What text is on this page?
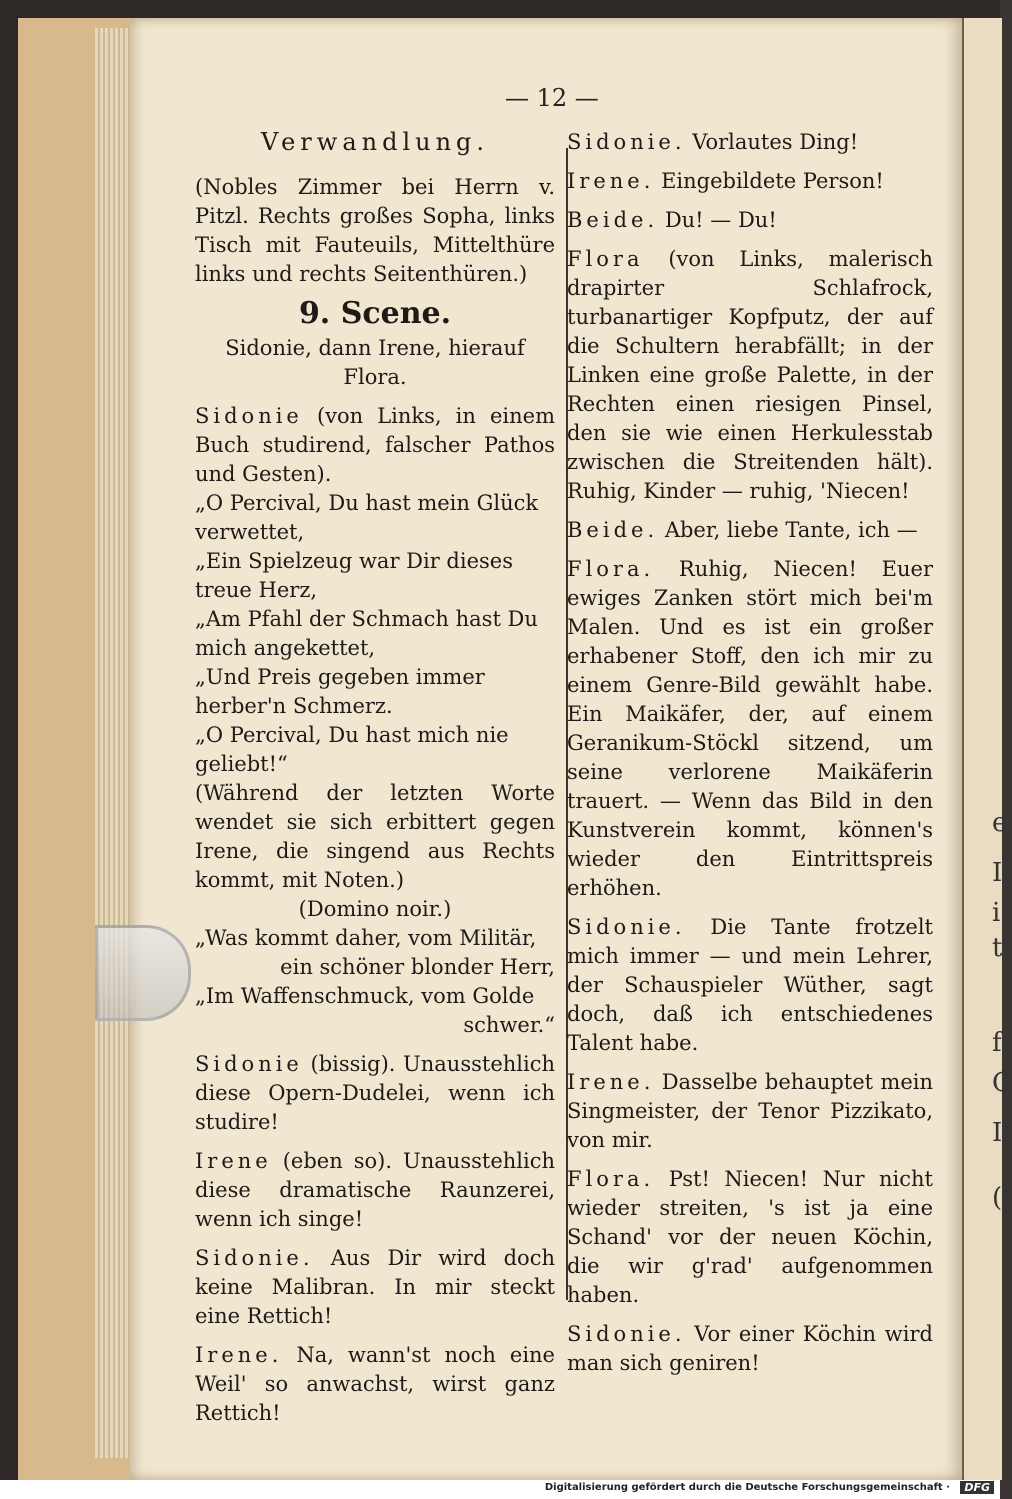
e
I
i
t
f
C
I
(
— 12 —

Verwandlung.

(Nobles Zimmer bei Herrn v. Pitzl. Rechts großes Sopha, links Tisch mit Fauteuils, Mittelthüre links und rechts Seitenthüren.)

9. Scene.

Sidonie, dann Irene, hierauf Flora.

Sidonie (von Links, in einem Buch studirend, falscher Pathos und Gesten).

„O Percival, Du hast mein Glück verwettet,

„Ein Spielzeug war Dir dieses treue Herz,

„Am Pfahl der Schmach hast Du mich angekettet,

„Und Preis gegeben immer herber'n Schmerz.

„O Percival, Du hast mich nie geliebt!“

(Während der letzten Worte wendet sie sich erbittert gegen Irene, die singend aus Rechts kommt, mit Noten.)

(Domino noir.)

„Was kommt daher, vom Militär,

ein schöner blonder Herr,

„Im Waffenschmuck, vom Golde

schwer.“

Sidonie (bissig). Unausstehlich diese Opern-Dudelei, wenn ich studire!

Irene (eben so). Unausstehlich diese dramatische Raunzerei, wenn ich singe!

Sidonie. Aus Dir wird doch keine Malibran. In mir steckt eine Rettich!

Irene. Na, wann'st noch eine Weil' so anwachst, wirst ganz Rettich!

Sidonie. Vorlautes Ding!

Irene. Eingebildete Person!

Beide. Du! — Du!

Flora (von Links, malerisch drapirter Schlafrock, turbanartiger Kopfputz, der auf die Schultern herabfällt; in der Linken eine große Palette, in der Rechten einen riesigen Pinsel, den sie wie einen Herkulesstab zwischen die Streitenden hält). Ruhig, Kinder — ruhig, 'Niecen!

Beide. Aber, liebe Tante, ich —

Flora. Ruhig, Niecen! Euer ewiges Zanken stört mich bei'm Malen. Und es ist ein großer erhabener Stoff, den ich mir zu einem Genre-Bild gewählt habe. Ein Maikäfer, der, auf einem Geranikum-Stöckl sitzend, um seine verlorene Maikäferin trauert. — Wenn das Bild in den Kunstverein kommt, können's wieder den Eintrittspreis erhöhen.

Sidonie. Die Tante frotzelt mich immer — und mein Lehrer, der Schauspieler Wüther, sagt doch, daß ich entschiedenes Talent habe.

Irene. Dasselbe behauptet mein Singmeister, der Tenor Pizzikato, von mir.

Flora. Pst! Niecen! Nur nicht wieder streiten, 's ist ja eine Schand' vor der neuen Köchin, die wir g'rad' aufgenommen haben.

Sidonie. Vor einer Köchin wird man sich geniren!

Digitalisierung gefördert durch die Deutsche Forschungsgemeinschaft ·	DFG
